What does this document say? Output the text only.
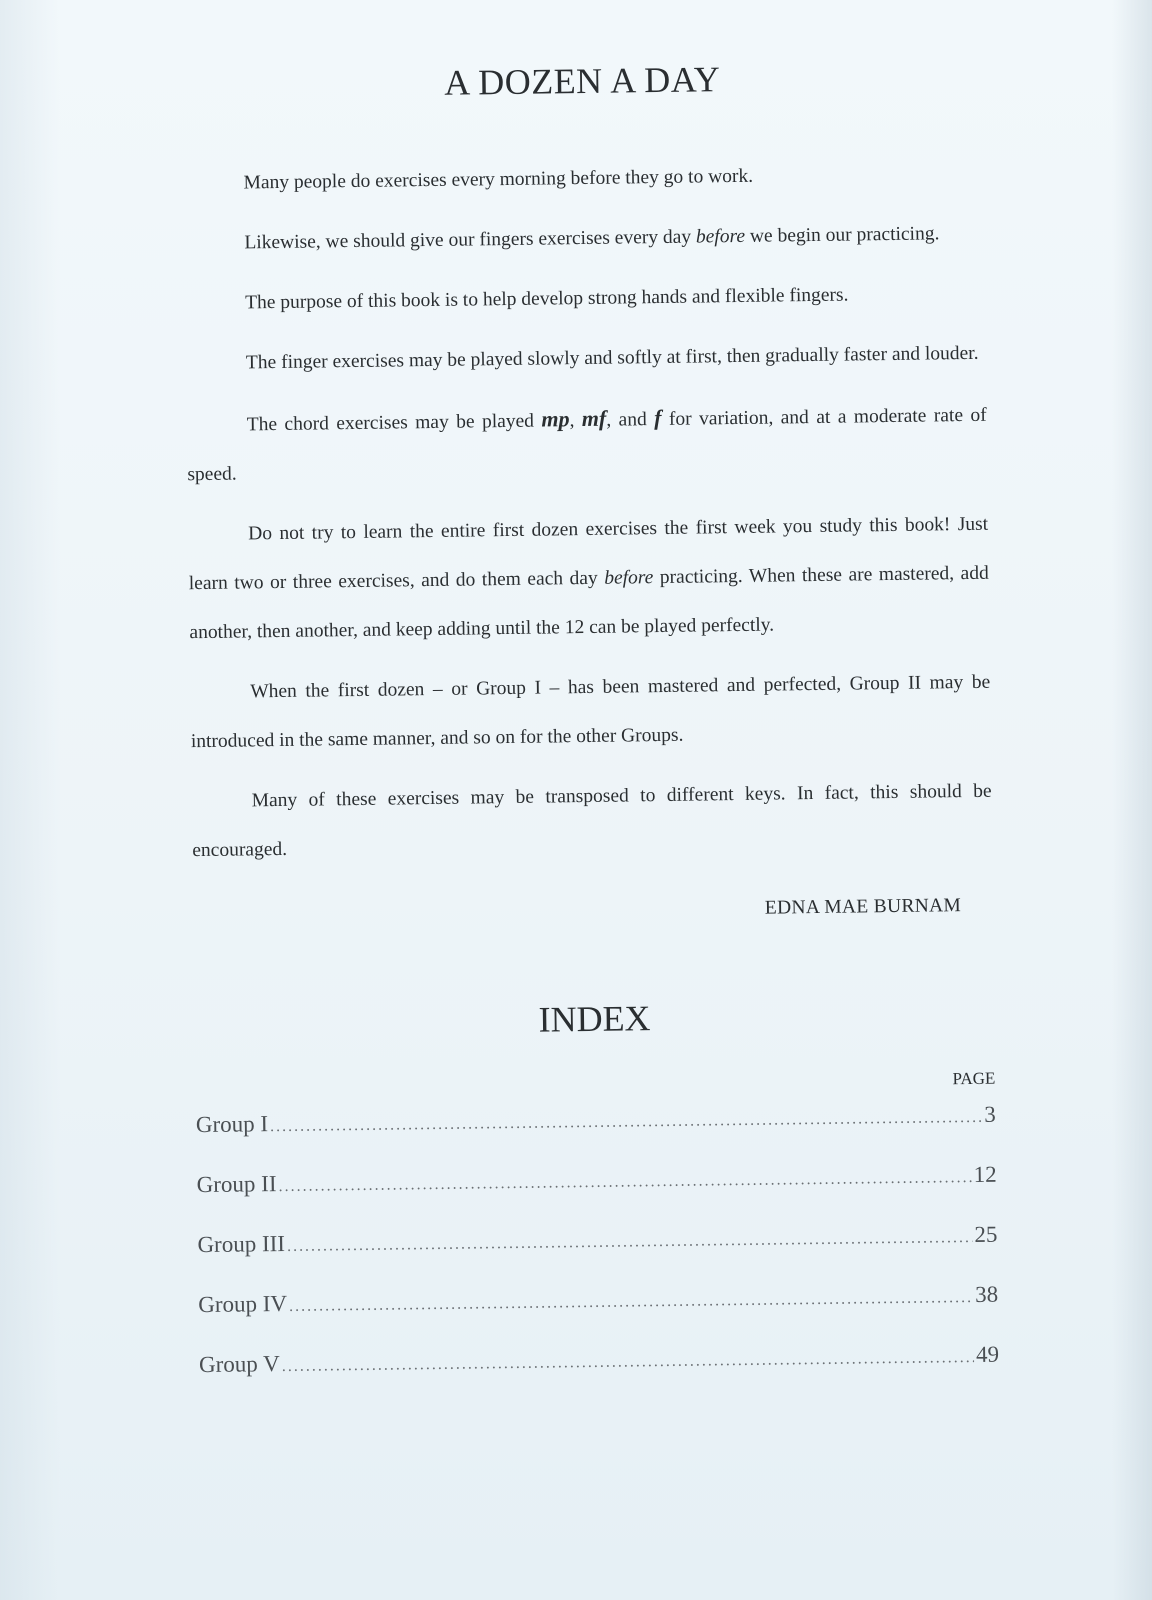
A DOZEN A DAY

Many people do exercises every morning before they go to work.

Likewise, we should give our fingers exercises every day before we begin our practicing.

The purpose of this book is to help develop strong hands and flexible fingers.

The finger exercises may be played slowly and softly at first, then gradually faster and louder.

The chord exercises may be played mp, mf, and f for variation, and at a moderate rate of speed.

Do not try to learn the entire first dozen exercises the first week you study this book! Just learn two or three exercises, and do them each day before practicing. When these are mastered, add another, then another, and keep adding until the 12 can be played perfectly.

When the first dozen – or Group I – has been mastered and perfected, Group II may be introduced in the same manner, and so on for the other Groups.

Many of these exercises may be transposed to different keys. In fact, this should be encouraged.

EDNA MAE BURNAM
INDEX
PAGE
Group I .....	3
Group II .....	12
Group III .....	25
Group IV .....	38
Group V .....	49
